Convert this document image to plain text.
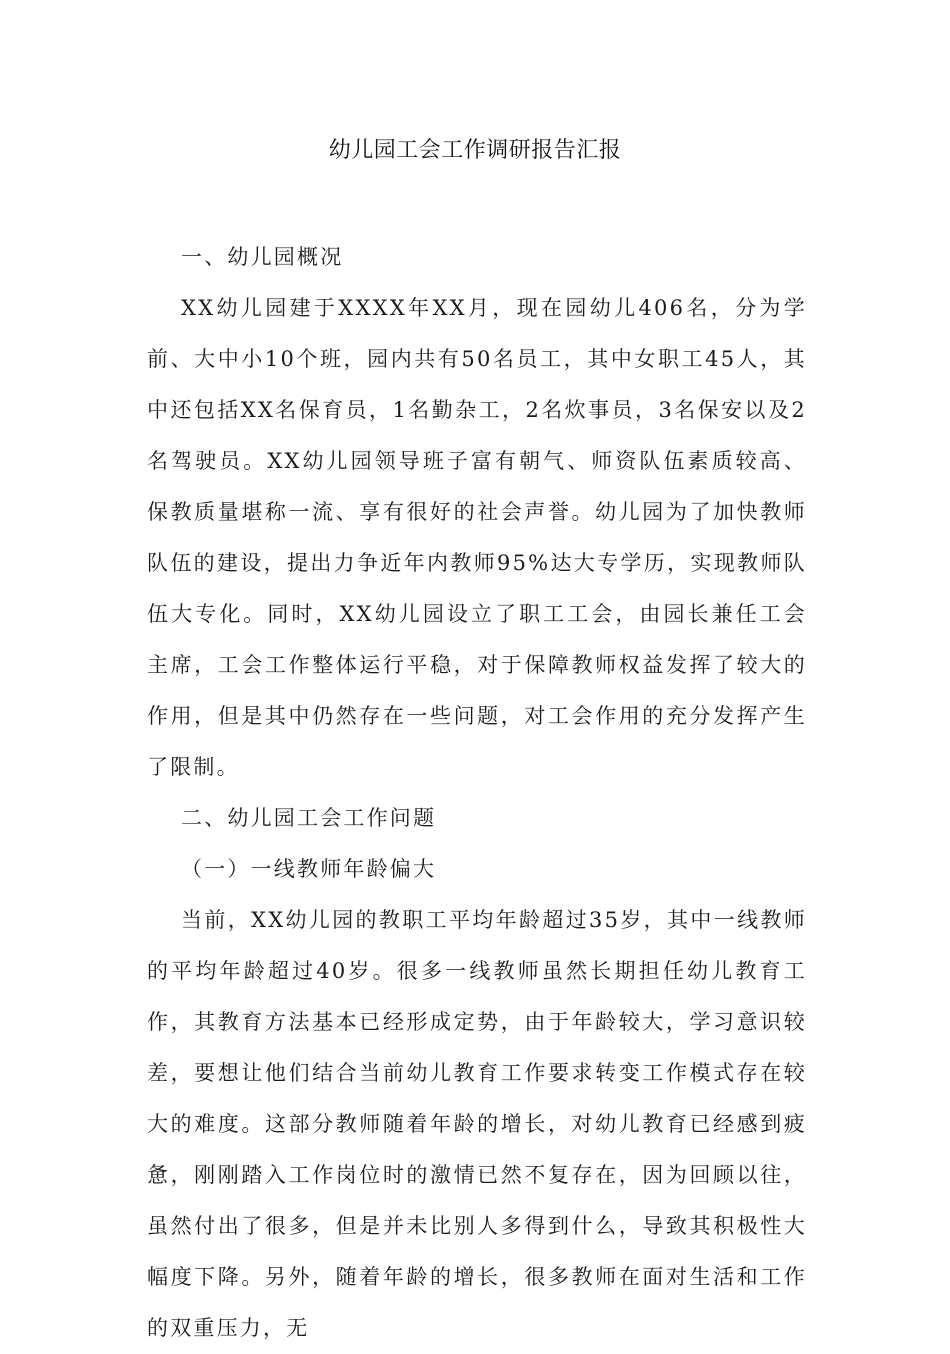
幼儿园工会工作调研报告汇报

一、幼儿园概况

XX幼儿园建于XXXX年XX月，现在园幼儿406名，分为学前、大中小10个班，园内共有50名员工，其中女职工45人，其中还包括XX名保育员，1名勤杂工，2名炊事员，3名保安以及2名驾驶员。XX幼儿园领导班子富有朝气、师资队伍素质较高、保教质量堪称一流、享有很好的社会声誉。幼儿园为了加快教师队伍的建设，提出力争近年内教师95%达大专学历，实现教师队伍大专化。同时，XX幼儿园设立了职工工会，由园长兼任工会主席，工会工作整体运行平稳，对于保障教师权益发挥了较大的作用，但是其中仍然存在一些问题，对工会作用的充分发挥产生了限制。

二、幼儿园工会工作问题

（一）一线教师年龄偏大

当前，XX幼儿园的教职工平均年龄超过35岁，其中一线教师的平均年龄超过40岁。很多一线教师虽然长期担任幼儿教育工作，其教育方法基本已经形成定势，由于年龄较大，学习意识较差，要想让他们结合当前幼儿教育工作要求转变工作模式存在较大的难度。这部分教师随着年龄的增长，对幼儿教育已经感到疲惫，刚刚踏入工作岗位时的激情已然不复存在，因为回顾以往，虽然付出了很多，但是并未比别人多得到什么，导致其积极性大幅度下降。另外，随着年龄的增长，很多教师在面对生活和工作的双重压力，无
